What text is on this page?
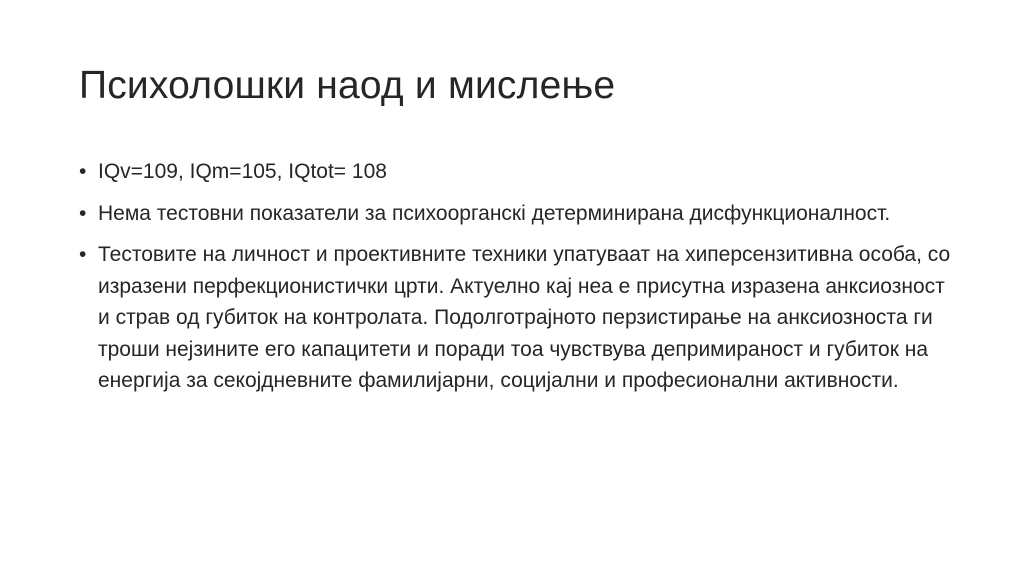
Психолошки наод и мислење
• IQv=109, IQm=105, IQtot= 108
• Нема тестовни показатели за психоорганскi детерминирана дисфункционалност.
• Тестовите на личност и проективните техники упатуваат на хиперсензитивна особа, со изразени перфекционистички црти. Актуелно кај неа е присутна изразена анксиозност и страв од губиток на контролата. Подолготрајното перзистирање на анксиозноста ги троши нејзините его капацитети и поради тоа чувствува депримираност и губиток на енергија за секојдневните фамилијарни, социјални и професионални активности.
